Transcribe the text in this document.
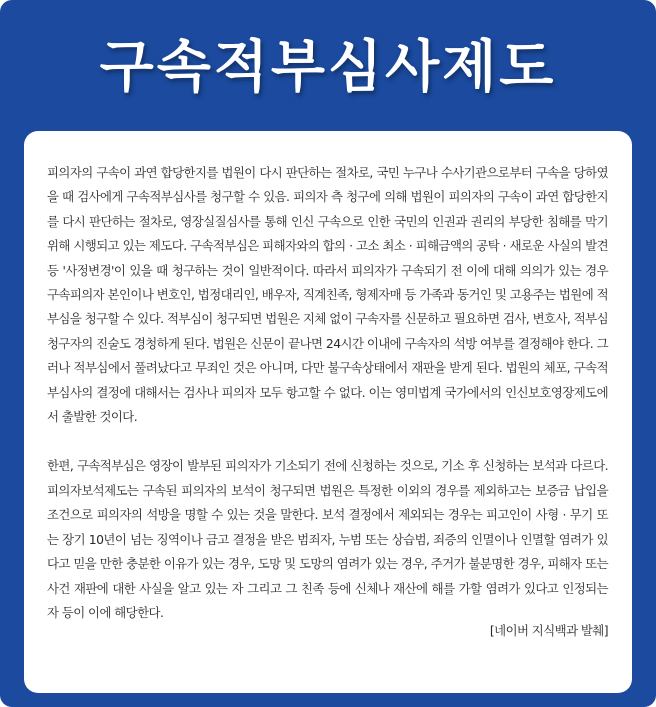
구속적부심사제도

피의자의 구속이 과연 합당한지를 법원이 다시 판단하는 절차로, 국민 누구나 수사기관으로부터 구속을 당하였을 때 검사에게 구속적부심사를 청구할 수 있음. 피의자 측 청구에 의해 법원이 피의자의 구속이 과연 합당한지를 다시 판단하는 절차로, 영장실질심사를 통해 인신 구속으로 인한 국민의 인권과 권리의 부당한 침해를 막기 위해 시행되고 있는 제도다. 구속적부심은 피해자와의 합의 · 고소 최소 · 피해금액의 공탁 · 새로운 사실의 발견 등 '사정변경'이 있을 때 청구하는 것이 일반적이다. 따라서 피의자가 구속되기 전 이에 대해 의의가 있는 경우 구속피의자 본인이나 변호인, 법정대리인, 배우자, 직계친족, 형제자매 등 가족과 동거인 및 고용주는 법원에 적부심을 청구할 수 있다. 적부심이 청구되면 법원은 지체 없이 구속자를 신문하고 필요하면 검사, 변호사, 적부심 청구자의 진술도 경청하게 된다. 법원은 신문이 끝나면 24시간 이내에 구속자의 석방 여부를 결정해야 한다. 그러나 적부심에서 풀려났다고 무죄인 것은 아니며, 다만 불구속상태에서 재판을 받게 된다. 법원의 체포, 구속적부심사의 결정에 대해서는 검사나 피의자 모두 항고할 수 없다. 이는 영미법계 국가에서의 인신보호영장제도에서 출발한 것이다.

한편, 구속적부심은 영장이 발부된 피의자가 기소되기 전에 신청하는 것으로, 기소 후 신청하는 보석과 다르다. 피의자보석제도는 구속된 피의자의 보석이 청구되면 법원은 특정한 이외의 경우를 제외하고는 보증금 납입을 조건으로 피의자의 석방을 명할 수 있는 것을 말한다. 보석 결정에서 제외되는 경우는 피고인이 사형 · 무기 또는 장기 10년이 넘는 징역이나 금고 결정을 받은 범죄자, 누범 또는 상습범, 죄증의 인멸이나 인멸할 염려가 있다고 믿을 만한 충분한 이유가 있는 경우, 도망 및 도망의 염려가 있는 경우, 주거가 불분명한 경우, 피해자 또는 사건 재판에 대한 사실을 알고 있는 자 그리고 그 친족 등에 신체나 재산에 해를 가할 염려가 있다고 인정되는 자 등이 이에 해당한다.

[네이버 지식백과 발췌]
